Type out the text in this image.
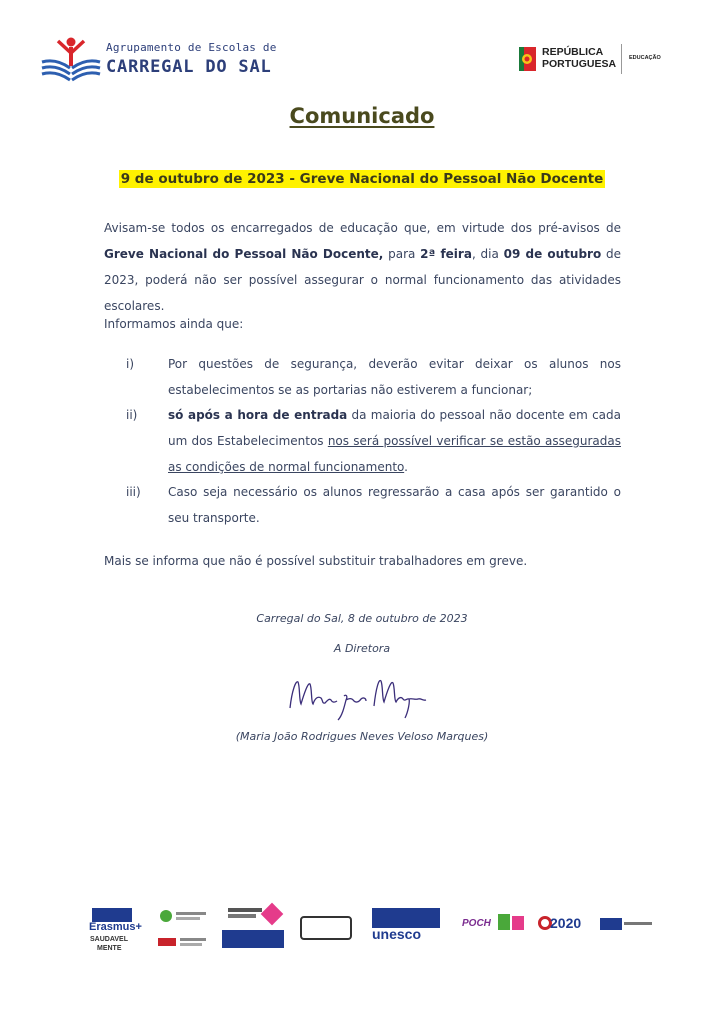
Agrupamento de Escolas de
CARREGAL DO SAL
REPÚBLICA
PORTUGUESA EDUCAÇÃO
Comunicado
9 de outubro de 2023 - Greve Nacional do Pessoal Não Docente
Avisam-se todos os encarregados de educação que, em virtude dos pré-avisos de Greve Nacional do Pessoal Não Docente, para 2ª feira, dia 09 de outubro de 2023, poderá não ser possível assegurar o normal funcionamento das atividades escolares.
Informamos ainda que:
i)	Por questões de segurança, deverão evitar deixar os alunos nos estabelecimentos se as portarias não estiverem a funcionar;
ii)	só após a hora de entrada da maioria do pessoal não docente em cada um dos Estabelecimentos nos será possível verificar se estão asseguradas as condições de normal funcionamento.
iii) Caso seja necessário os alunos regressarão a casa após ser garantido o seu transporte.
Mais se informa que não é possível substituir trabalhadores em greve.
Carregal do Sal, 8 de outubro de 2023
A Diretora
(Maria João Rodrigues Neves Veloso Marques)
Erasmus+
SAUDAVEL
MENTE
unesco
POCH	2020
